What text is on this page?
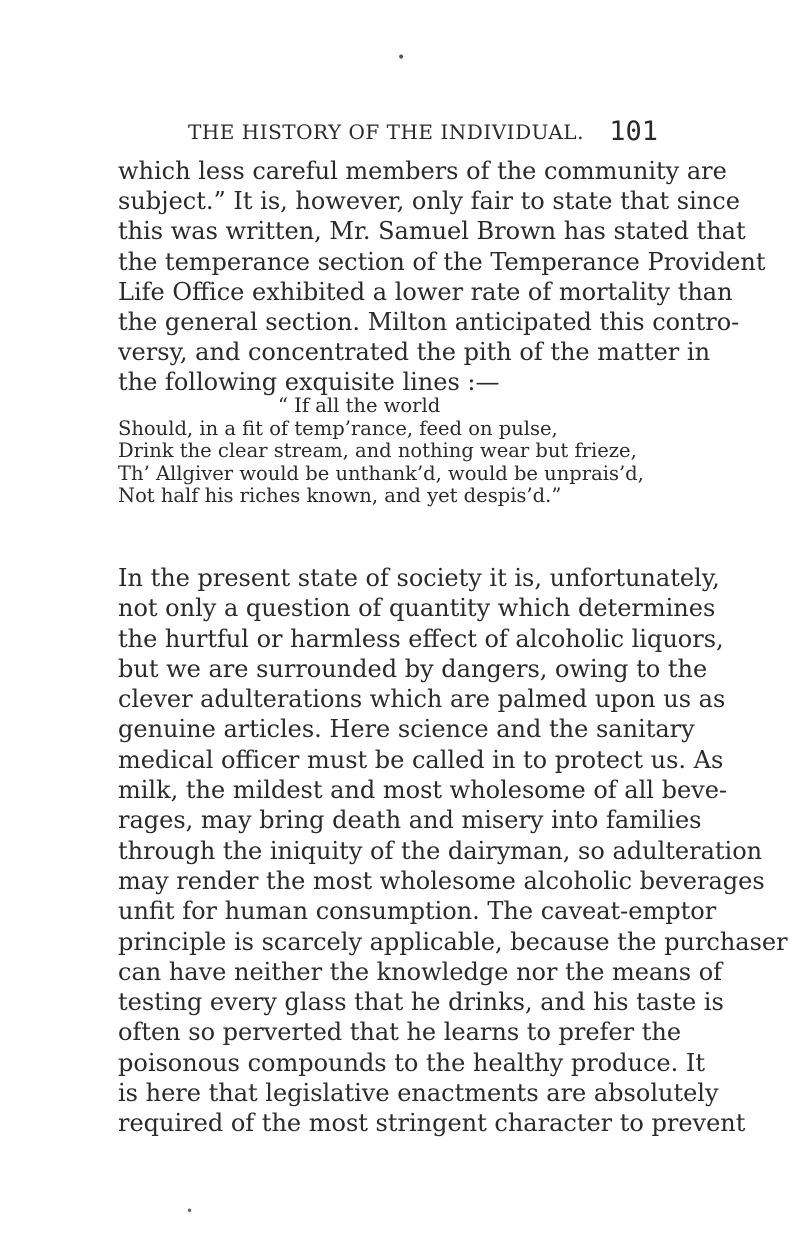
•
THE HISTORY OF THE INDIVIDUAL. 101
which less careful members of the community are
subject.” It is, however, only fair to state that since
this was written, Mr. Samuel Brown has stated that
the temperance section of the Temperance Provident
Life Office exhibited a lower rate of mortality than
the general section. Milton anticipated this contro-
versy, and concentrated the pith of the matter in
the following exquisite lines :—
“ If all the world
Should, in a fit of temp’rance, feed on pulse,
Drink the clear stream, and nothing wear but frieze,
Th’ Allgiver would be unthank’d, would be unprais’d,
Not half his riches known, and yet despis’d.”
In the present state of society it is, unfortunately,
not only a question of quantity which determines
the hurtful or harmless effect of alcoholic liquors,
but we are surrounded by dangers, owing to the
clever adulterations which are palmed upon us as
genuine articles. Here science and the sanitary
medical officer must be called in to protect us. As
milk, the mildest and most wholesome of all beve-
rages, may bring death and misery into families
through the iniquity of the dairyman, so adulteration
may render the most wholesome alcoholic beverages
unfit for human consumption. The caveat-emptor
principle is scarcely applicable, because the purchaser
can have neither the knowledge nor the means of
testing every glass that he drinks, and his taste is
often so perverted that he learns to prefer the
poisonous compounds to the healthy produce. It
is here that legislative enactments are absolutely
required of the most stringent character to prevent
•
